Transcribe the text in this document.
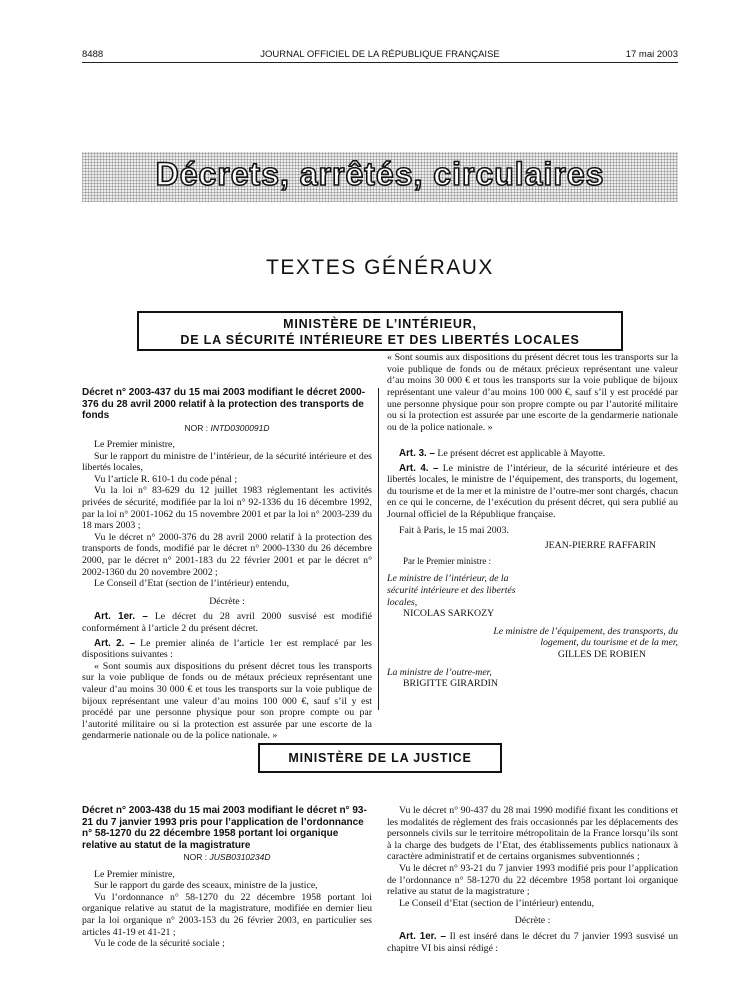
8488	JOURNAL OFFICIEL DE LA RÉPUBLIQUE FRANÇAISE	17 mai 2003
Décrets, arrêtés, circulaires
TEXTES GÉNÉRAUX
MINISTÈRE DE L’INTÉRIEUR,
DE LA SÉCURITÉ INTÉRIEURE ET DES LIBERTÉS LOCALES

Décret n° 2003-437 du 15 mai 2003 modifiant le décret 2000-376 du 28 avril 2000 relatif à la protection des transports de fonds

NOR : INTD0300091D

Le Premier ministre,

Sur le rapport du ministre de l’intérieur, de la sécurité intérieure et des libertés locales,

Vu l’article R. 610-1 du code pénal ;

Vu la loi n° 83-629 du 12 juillet 1983 réglementant les activités privées de sécurité, modifiée par la loi n° 92-1336 du 16 décembre 1992, par la loi n° 2001-1062 du 15 novembre 2001 et par la loi n° 2003-239 du 18 mars 2003 ;

Vu le décret n° 2000-376 du 28 avril 2000 relatif à la protection des transports de fonds, modifié par le décret n° 2000-1330 du 26 décembre 2000, par le décret n° 2001-183 du 22 février 2001 et par le décret n° 2002-1360 du 20 novembre 2002 ;

Le Conseil d’Etat (section de l’intérieur) entendu,

Décrète :

Art. 1er. – Le décret du 28 avril 2000 susvisé est modifié conformément à l’article 2 du présent décret.

Art. 2. – Le premier alinéa de l’article 1er est remplacé par les dispositions suivantes :

« Sont soumis aux dispositions du présent décret tous les transports sur la voie publique de fonds ou de métaux précieux représentant une valeur d’au moins 30 000 € et tous les transports sur la voie publique de bijoux représentant une valeur d’au moins 100 000 €, sauf s’il y est procédé par une personne physique pour son propre compte ou par l’autorité militaire ou si la protection est assurée par une escorte de la gendarmerie nationale ou de la police nationale. »

« Sont soumis aux dispositions du présent décret tous les transports sur la voie publique de fonds ou de métaux précieux représentant une valeur d’au moins 30 000 € et tous les transports sur la voie publique de bijoux représentant une valeur d’au moins 100 000 €, sauf s’il y est procédé par une personne physique pour son propre compte ou par l’autorité militaire ou si la protection est assurée par une escorte de la gendarmerie nationale ou de la police nationale. »

Art. 3. – Le présent décret est applicable à Mayotte.

Art. 4. – Le ministre de l’intérieur, de la sécurité intérieure et des libertés locales, le ministre de l’équipement, des transports, du logement, du tourisme et de la mer et la ministre de l’outre-mer sont chargés, chacun en ce qui le concerne, de l’exécution du présent décret, qui sera publié au Journal officiel de la République française.

Fait à Paris, le 15 mai 2003.

JEAN-PIERRE RAFFARIN

Par le Premier ministre :

Le ministre de l’intérieur, de la sécurité intérieure et des libertés locales,

NICOLAS SARKOZY

Le ministre de l’équipement, des transports, du logement, du tourisme et de la mer,

GILLES DE ROBIEN

La ministre de l’outre-mer,

BRIGITTE GIRARDIN

MINISTÈRE DE LA JUSTICE

Décret n° 2003-438 du 15 mai 2003 modifiant le décret n° 93-21 du 7 janvier 1993 pris pour l’application de l’ordonnance n° 58-1270 du 22 décembre 1958 portant loi organique relative au statut de la magistrature

NOR : JUSB0310234D

Le Premier ministre,

Sur le rapport du garde des sceaux, ministre de la justice,

Vu l’ordonnance n° 58-1270 du 22 décembre 1958 portant loi organique relative au statut de la magistrature, modifiée en dernier lieu par la loi organique n° 2003-153 du 26 février 2003, en particulier ses articles 41-19 et 41-21 ;

Vu le code de la sécurité sociale ;

Vu le décret n° 90-437 du 28 mai 1990 modifié fixant les conditions et les modalités de règlement des frais occasionnés par les déplacements des personnels civils sur le territoire métropolitain de la France lorsqu’ils sont à la charge des budgets de l’Etat, des établissements publics nationaux à caractère administratif et de certains organismes subventionnés ;

Vu le décret n° 93-21 du 7 janvier 1993 modifié pris pour l’application de l’ordonnance n° 58-1270 du 22 décembre 1958 portant loi organique relative au statut de la magistrature ;

Le Conseil d’Etat (section de l’intérieur) entendu,

Décrète :

Art. 1er. – Il est inséré dans le décret du 7 janvier 1993 susvisé un chapitre VI bis ainsi rédigé :
